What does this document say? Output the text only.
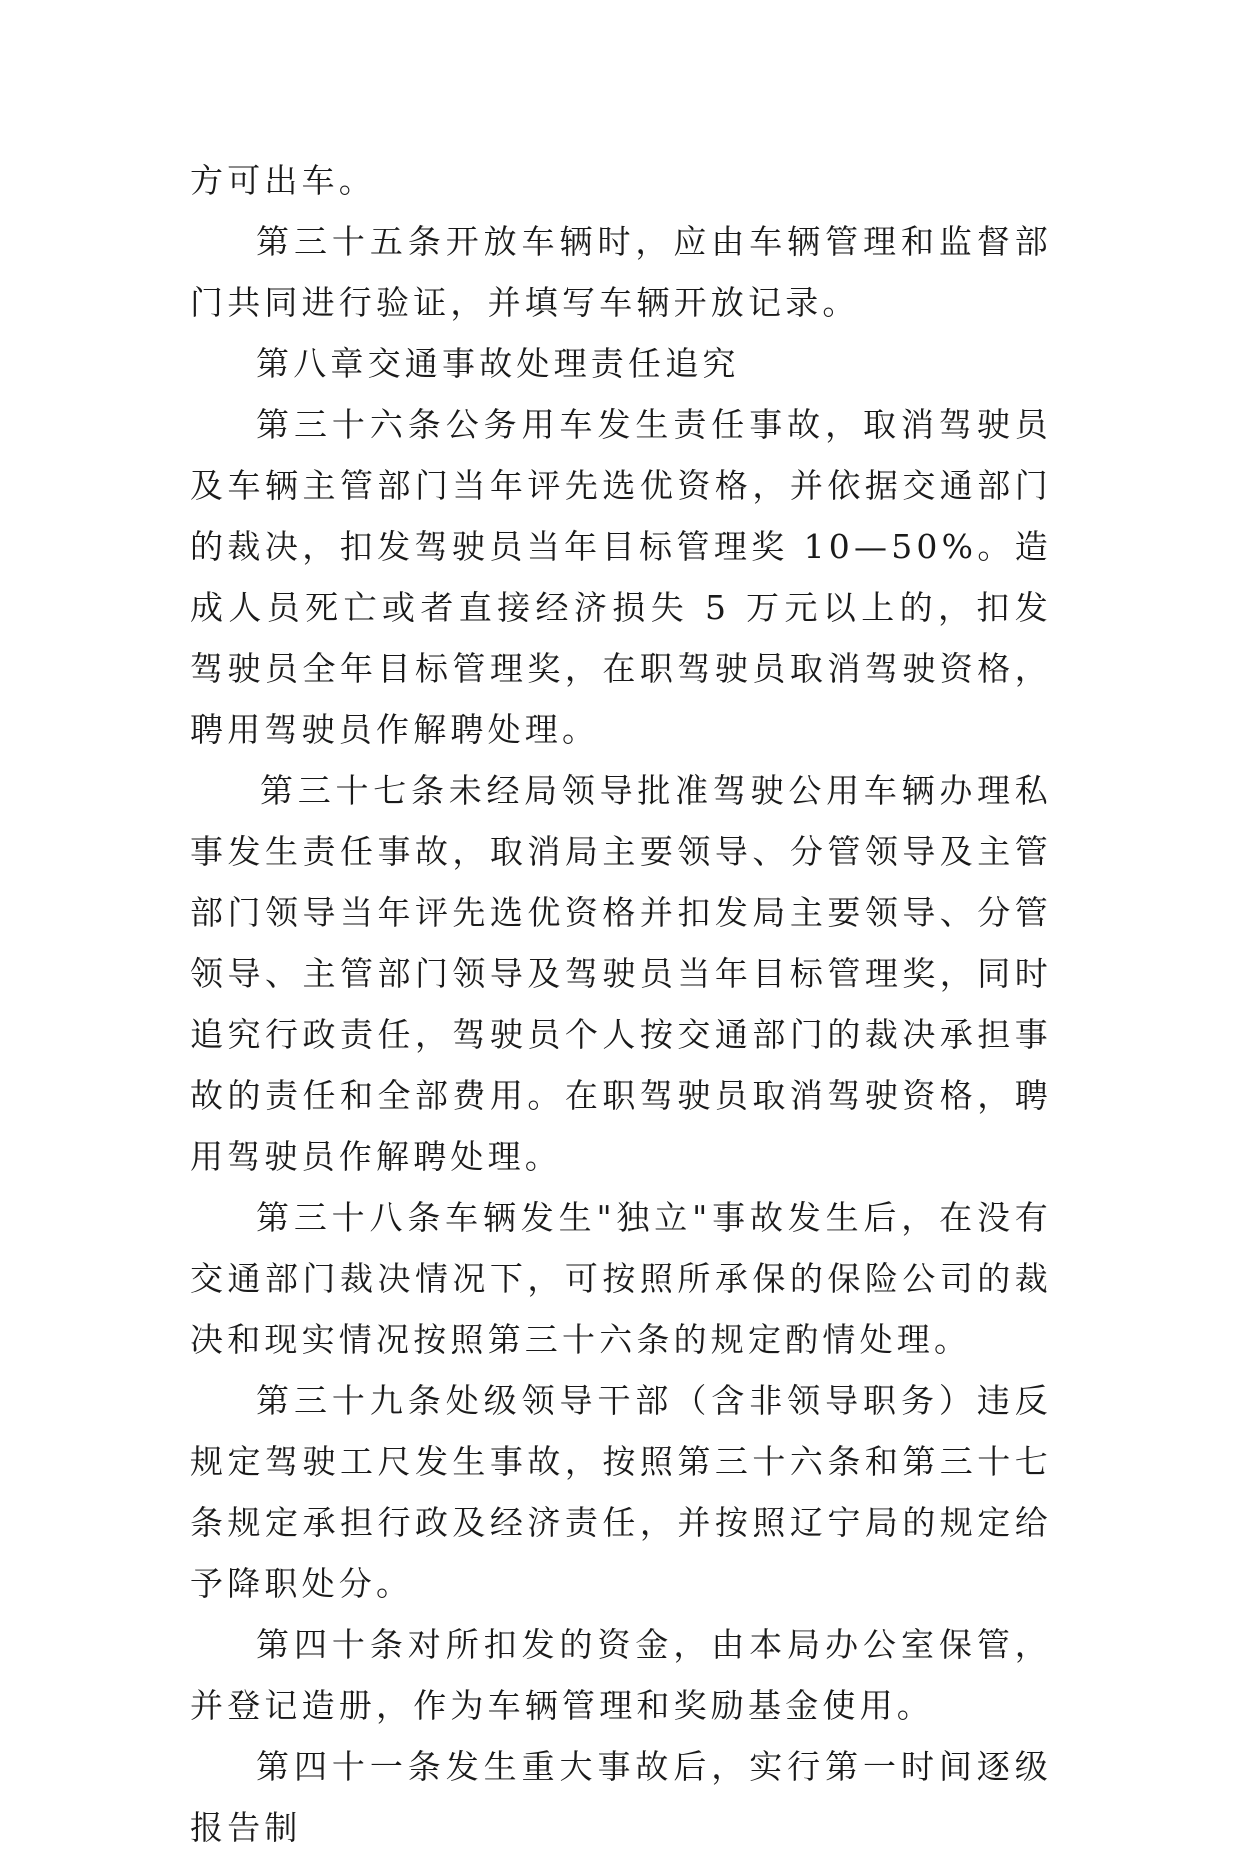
方可出车。

第三十五条开放车辆时，应由车辆管理和监督部门共同进行验证，并填写车辆开放记录。

第八章交通事故处理责任追究

第三十六条公务用车发生责任事故，取消驾驶员及车辆主管部门当年评先选优资格，并依据交通部门的裁决，扣发驾驶员当年目标管理奖 10—50%。造成人员死亡或者直接经济损失 5 万元以上的，扣发驾驶员全年目标管理奖，在职驾驶员取消驾驶资格，聘用驾驶员作解聘处理。

第三十七条未经局领导批准驾驶公用车辆办理私事发生责任事故，取消局主要领导、分管领导及主管部门领导当年评先选优资格并扣发局主要领导、分管领导、主管部门领导及驾驶员当年目标管理奖，同时追究行政责任，驾驶员个人按交通部门的裁决承担事故的责任和全部费用。在职驾驶员取消驾驶资格，聘用驾驶员作解聘处理。

第三十八条车辆发生"独立"事故发生后，在没有交通部门裁决情况下，可按照所承保的保险公司的裁决和现实情况按照第三十六条的规定酌情处理。

第三十九条处级领导干部（含非领导职务）违反规定驾驶工尺发生事故，按照第三十六条和第三十七条规定承担行政及经济责任，并按照辽宁局的规定给予降职处分。

第四十条对所扣发的资金，由本局办公室保管，并登记造册，作为车辆管理和奖励基金使用。

第四十一条发生重大事故后，实行第一时间逐级报告制
